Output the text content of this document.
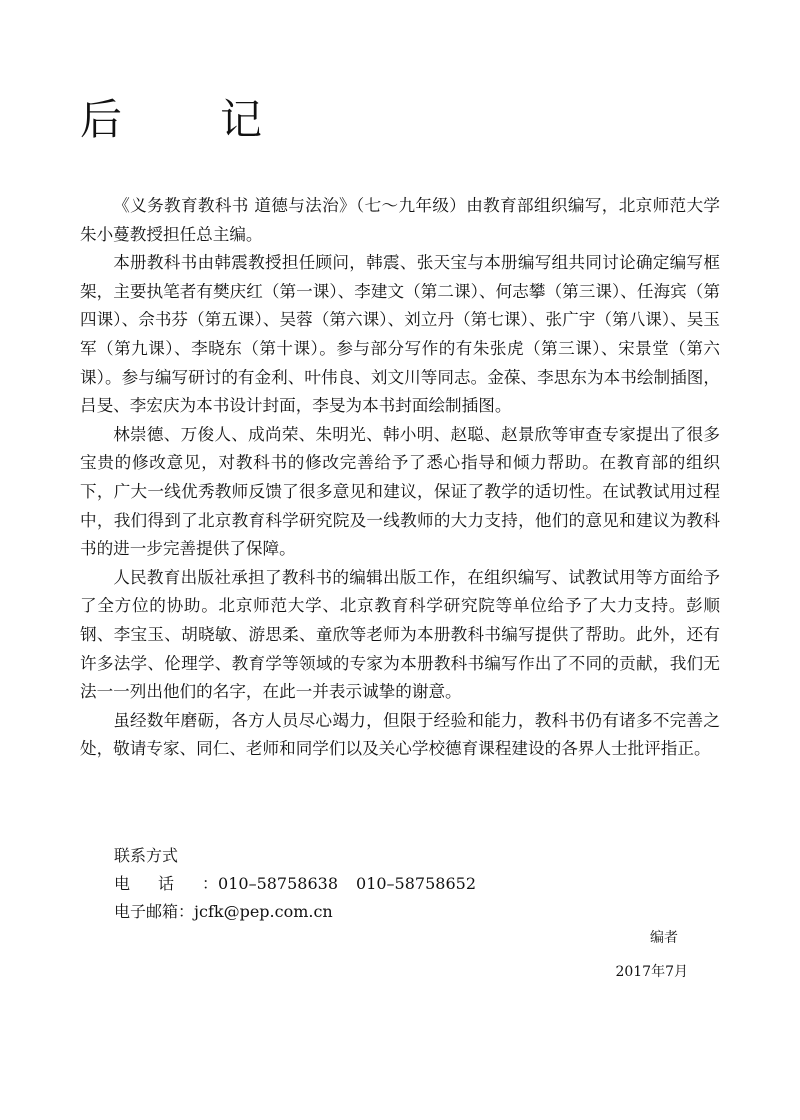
后　记

《义务教育教科书 道德与法治》（七～九年级）由教育部组织编写，北京师范大学朱小蔓教授担任总主编。

本册教科书由韩震教授担任顾问，韩震、张天宝与本册编写组共同讨论确定编写框架，主要执笔者有樊庆红（第一课）、李建文（第二课）、何志攀（第三课）、任海宾（第四课）、佘书芬（第五课）、吴蓉（第六课）、刘立丹（第七课）、张广宇（第八课）、吴玉军（第九课）、李晓东（第十课）。参与部分写作的有朱张虎（第三课）、宋景堂（第六课）。参与编写研讨的有金利、叶伟良、刘文川等同志。金葆、李思东为本书绘制插图，吕旻、李宏庆为本书设计封面，李旻为本书封面绘制插图。

林崇德、万俊人、成尚荣、朱明光、韩小明、赵聪、赵景欣等审查专家提出了很多宝贵的修改意见，对教科书的修改完善给予了悉心指导和倾力帮助。在教育部的组织下，广大一线优秀教师反馈了很多意见和建议，保证了教学的适切性。在试教试用过程中，我们得到了北京教育科学研究院及一线教师的大力支持，他们的意见和建议为教科书的进一步完善提供了保障。

人民教育出版社承担了教科书的编辑出版工作，在组织编写、试教试用等方面给予了全方位的协助。北京师范大学、北京教育科学研究院等单位给予了大力支持。彭顺钢、李宝玉、胡晓敏、游思柔、童欣等老师为本册教科书编写提供了帮助。此外，还有许多法学、伦理学、教育学等领域的专家为本册教科书编写作出了不同的贡献，我们无法一一列出他们的名字，在此一并表示诚挚的谢意。

虽经数年磨砺，各方人员尽心竭力，但限于经验和能力，教科书仍有诸多不完善之处，敬请专家、同仁、老师和同学们以及关心学校德育课程建设的各界人士批评指正。

联系方式
电话：010–58758638 010–58758652
电子邮箱：jcfk@pep.com.cn
编者
2017年7月
